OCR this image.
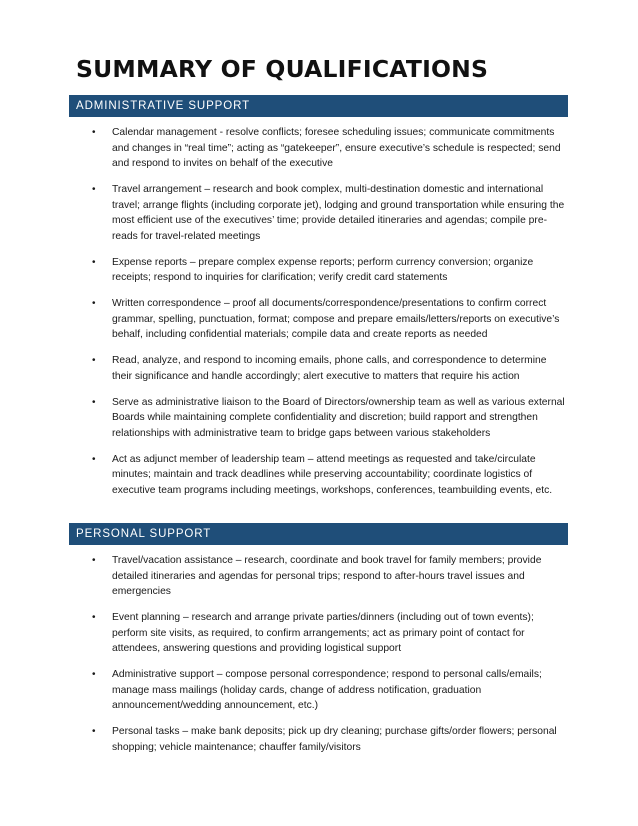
SUMMARY OF QUALIFICATIONS
ADMINISTRATIVE SUPPORT
• Calendar management - resolve conflicts; foresee scheduling issues; communicate commitments and changes in “real time”; acting as “gatekeeper”, ensure executive’s schedule is respected; send and respond to invites on behalf of the executive
• Travel arrangement – research and book complex, multi-destination domestic and international travel; arrange flights (including corporate jet), lodging and ground transportation while ensuring the most efficient use of the executives’ time; provide detailed itineraries and agendas; compile pre-reads for travel-related meetings
• Expense reports – prepare complex expense reports; perform currency conversion; organize receipts; respond to inquiries for clarification; verify credit card statements
• Written correspondence – proof all documents/correspondence/presentations to confirm correct grammar, spelling, punctuation, format; compose and prepare emails/letters/reports on executive’s behalf, including confidential materials; compile data and create reports as needed
• Read, analyze, and respond to incoming emails, phone calls, and correspondence to determine their significance and handle accordingly; alert executive to matters that require his action
• Serve as administrative liaison to the Board of Directors/ownership team as well as various external Boards while maintaining complete confidentiality and discretion; build rapport and strengthen relationships with administrative team to bridge gaps between various stakeholders
• Act as adjunct member of leadership team – attend meetings as requested and take/circulate minutes; maintain and track deadlines while preserving accountability; coordinate logistics of executive team programs including meetings, workshops, conferences, teambuilding events, etc.
PERSONAL SUPPORT
• Travel/vacation assistance – research, coordinate and book travel for family members; provide detailed itineraries and agendas for personal trips; respond to after-hours travel issues and emergencies
• Event planning – research and arrange private parties/dinners (including out of town events); perform site visits, as required, to confirm arrangements; act as primary point of contact for attendees, answering questions and providing logistical support
• Administrative support – compose personal correspondence; respond to personal calls/emails; manage mass mailings (holiday cards, change of address notification, graduation announcement/wedding announcement, etc.)
• Personal tasks – make bank deposits; pick up dry cleaning; purchase gifts/order flowers; personal shopping; vehicle maintenance; chauffer family/visitors
